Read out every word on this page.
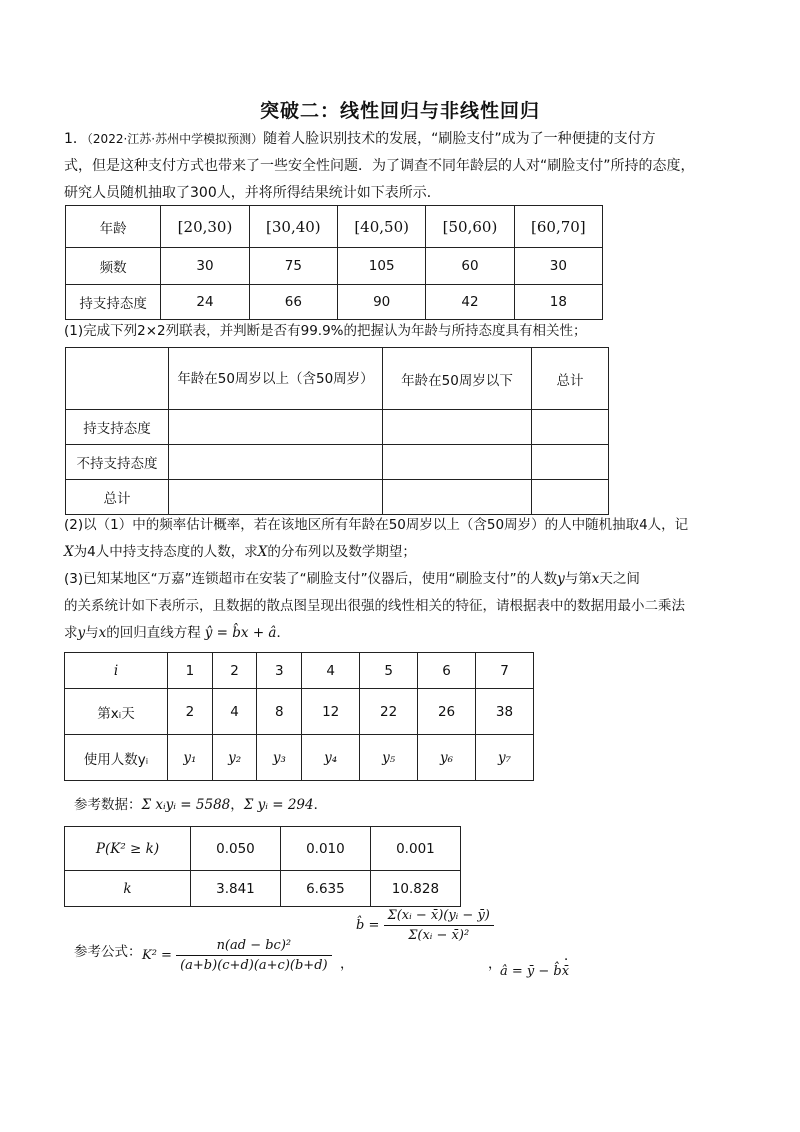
突破二：线性回归与非线性回归
1．（2022·江苏·苏州中学模拟预测）随着人脸识别技术的发展，“刷脸支付”成为了一种便捷的支付方
式，但是这种支付方式也带来了一些安全性问题．为了调查不同年龄层的人对“刷脸支付”所持的态度，
研究人员随机抽取了300人，并将所得结果统计如下表所示．
年龄	[20,30)	[30,40)	[40,50)	[50,60)	[60,70]
频数	30	75	105	60	30
持支持态度	24	66	90	42	18
(1)完成下列2×2列联表，并判断是否有99.9%的把握认为年龄与所持态度具有相关性；
	年龄在50周岁以上（含50周岁）	年龄在50周岁以下	总计
持支持态度			
不持支持态度			
总计			
(2)以（1）中的频率估计概率，若在该地区所有年龄在50周岁以上（含50周岁）的人中随机抽取4人，记
X为4人中持支持态度的人数，求X的分布列以及数学期望；
(3)已知某地区“万嘉”连锁超市在安装了“刷脸支付”仪器后，使用“刷脸支付”的人数y与第x天之间
的关系统计如下表所示，且数据的散点图呈现出很强的线性相关的特征，请根据表中的数据用最小二乘法
求y与x的回归直线方程 ŷ = b̂x + â．
i	1	2	3	4	5	6	7
第xᵢ天	2	4	8	12	22	26	38
使用人数yᵢ	y₁	y₂	y₃	y₄	y₅	y₆	y₇
参考数据：Σ xᵢyᵢ = 5588，Σ yᵢ = 294．
P(K² ≥ k)	0.050	0.010	0.001
k	3.841	6.635	10.828
参考公式： $K^2 = \frac{\text{n(ad − bc)²}}{(a+b)(c+d)(a+c)(b+d)}$ ，
b̂ = $\frac{\text{Σ(xᵢ − x̄)(yᵢ − ȳ)}}{\text{Σ(xᵢ − x̄)²}}$
，
â = ȳ − b̂x̄
．
